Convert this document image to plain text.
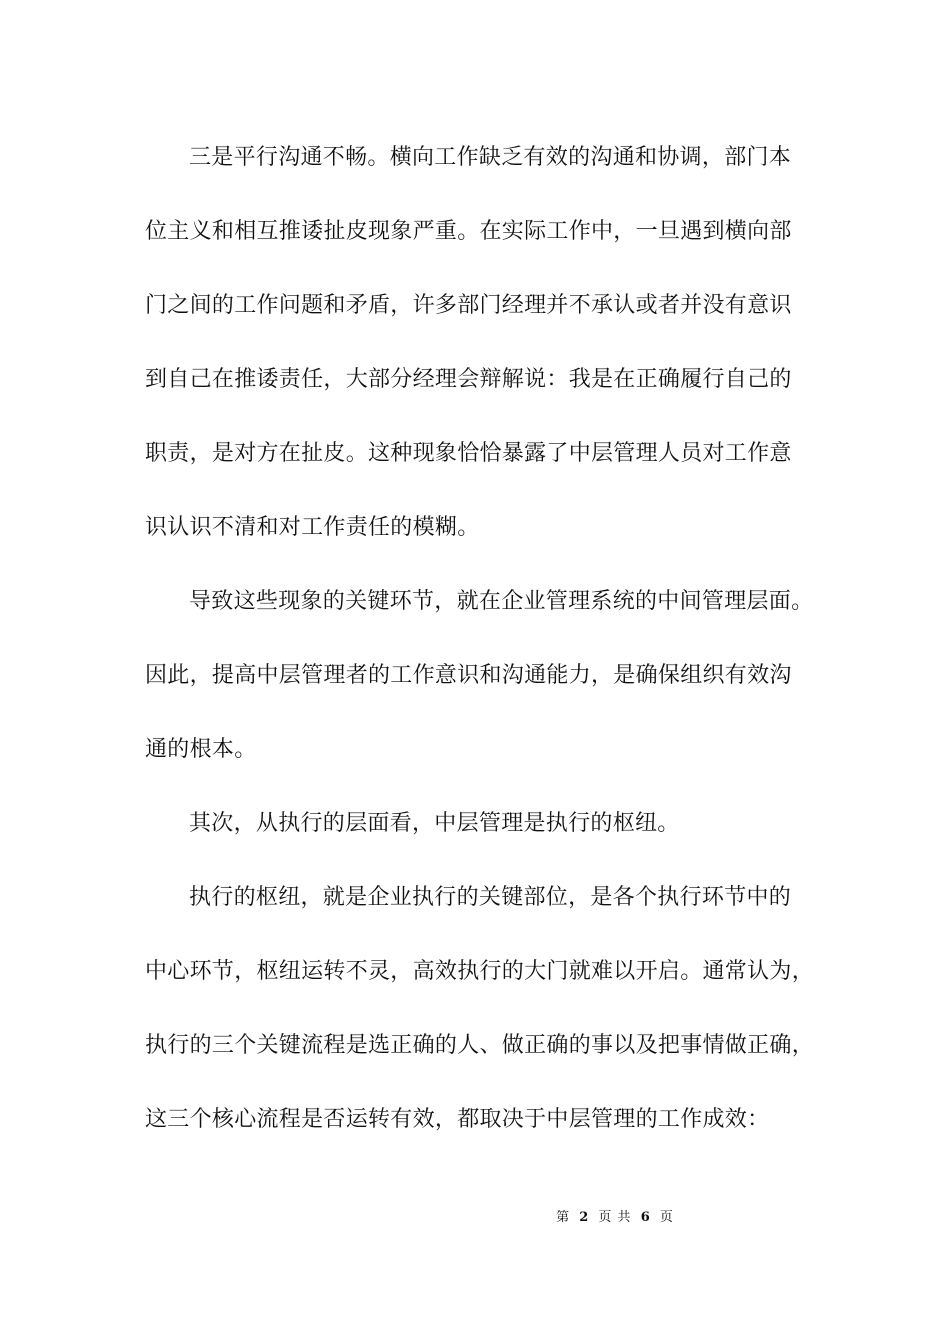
三是平行沟通不畅。横向工作缺乏有效的沟通和协调，部门本
位主义和相互推诿扯皮现象严重。在实际工作中，一旦遇到横向部
门之间的工作问题和矛盾，许多部门经理并不承认或者并没有意识
到自己在推诿责任，大部分经理会辩解说：我是在正确履行自己的
职责，是对方在扯皮。这种现象恰恰暴露了中层管理人员对工作意
识认识不清和对工作责任的模糊。
导致这些现象的关键环节，就在企业管理系统的中间管理层面。
因此，提高中层管理者的工作意识和沟通能力，是确保组织有效沟
通的根本。
其次，从执行的层面看，中层管理是执行的枢纽。
执行的枢纽，就是企业执行的关键部位，是各个执行环节中的
中心环节，枢纽运转不灵，高效执行的大门就难以开启。通常认为，
执行的三个关键流程是选正确的人、做正确的事以及把事情做正确，
这三个核心流程是否运转有效，都取决于中层管理的工作成效：
第 2 页 共 6 页
